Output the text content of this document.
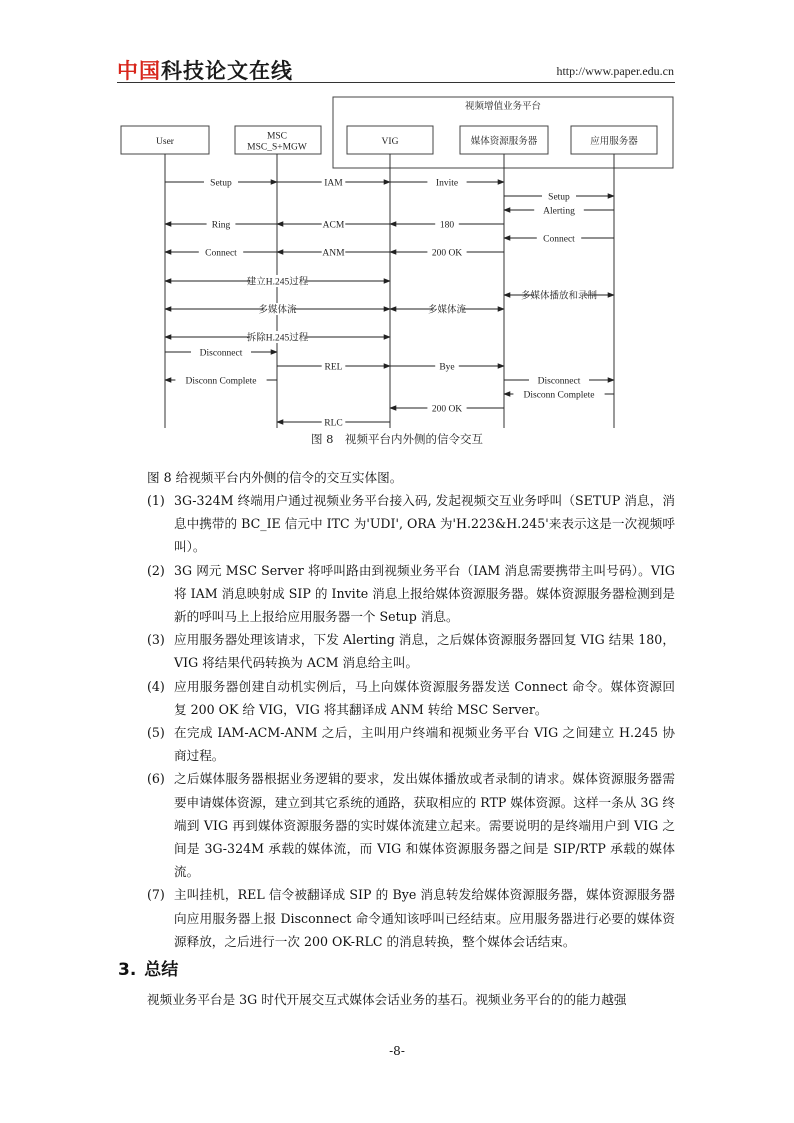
中国科技论文在线	http://www.paper.edu.cn
视频增值业务平台
User
MSC
MSC_S+MGW
VIG	媒体资源服务器	应用服务器
Setup	IAM	Invite
Setup
Alerting
180
ACM
Ring
Connect
200 OK
ANM
Connect
建立H.245过程
多媒体播放和录制
多媒体流	多媒体流
拆除H.245过程
Disconnect
REL	Bye
Disconn Complete	Disconnect
Disconn Complete
200 OK
RLC
图 8　视频平台内外侧的信令交互
图 8 给视频平台内外侧的信令的交互实体图。
(1) 3G-324M 终端用户通过视频业务平台接入码, 发起视频交互业务呼叫（SETUP 消息，消息中携带的 BC_IE 信元中 ITC 为'UDI', ORA 为'H.223&H.245'来表示这是一次视频呼叫）。
(2) 3G 网元 MSC Server 将呼叫路由到视频业务平台（IAM 消息需要携带主叫号码）。VIG 将 IAM 消息映射成 SIP 的 Invite 消息上报给媒体资源服务器。媒体资源服务器检测到是新的呼叫马上上报给应用服务器一个 Setup 消息。
(3) 应用服务器处理该请求，下发 Alerting 消息，之后媒体资源服务器回复 VIG 结果 180，VIG 将结果代码转换为 ACM 消息给主叫。
(4) 应用服务器创建自动机实例后，马上向媒体资源服务器发送 Connect 命令。媒体资源回复 200 OK 给 VIG，VIG 将其翻译成 ANM 转给 MSC Server。
(5) 在完成 IAM-ACM-ANM 之后，主叫用户终端和视频业务平台 VIG 之间建立 H.245 协商过程。
(6) 之后媒体服务器根据业务逻辑的要求，发出媒体播放或者录制的请求。媒体资源服务器需要申请媒体资源，建立到其它系统的通路，获取相应的 RTP 媒体资源。这样一条从 3G 终端到 VIG 再到媒体资源服务器的实时媒体流建立起来。需要说明的是终端用户到 VIG 之间是 3G-324M 承载的媒体流，而 VIG 和媒体资源服务器之间是 SIP/RTP 承载的媒体流。
(7) 主叫挂机，REL 信令被翻译成 SIP 的 Bye 消息转发给媒体资源服务器，媒体资源服务器向应用服务器上报 Disconnect 命令通知该呼叫已经结束。应用服务器进行必要的媒体资源释放，之后进行一次 200 OK-RLC 的消息转换，整个媒体会话结束。
3. 总结
视频业务平台是 3G 时代开展交互式媒体会话业务的基石。视频业务平台的的能力越强
-8-
